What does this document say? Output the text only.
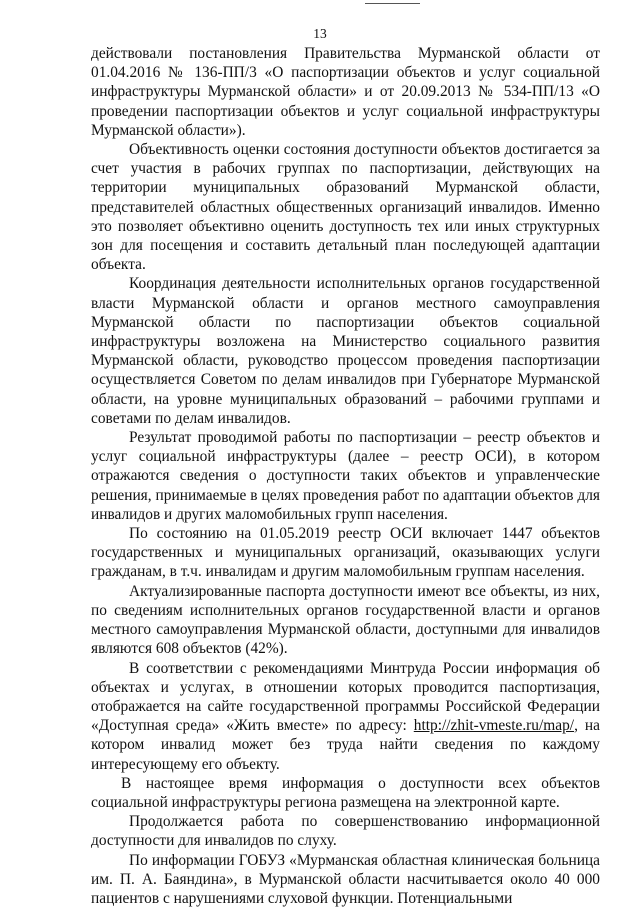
13

действовали постановления Правительства Мурманской области от 01.04.2016 № 136-ПП/3 «О паспортизации объектов и услуг социальной инфраструктуры Мурманской области» и от 20.09.2013 № 534-ПП/13 «О проведении паспортизации объектов и услуг социальной инфраструктуры Мурманской области»).

Объективность оценки состояния доступности объектов достигается за счет участия в рабочих группах по паспортизации, действующих на территории муниципальных образований Мурманской области, представителей областных общественных организаций инвалидов. Именно это позволяет объективно оценить доступность тех или иных структурных зон для посещения и составить детальный план последующей адаптации объекта.

Координация деятельности исполнительных органов государственной власти Мурманской области и органов местного самоуправления Мурманской области по паспортизации объектов социальной инфраструктуры возложена на Министерство социального развития Мурманской области, руководство процессом проведения паспортизации осуществляется Советом по делам инвалидов при Губернаторе Мурманской области, на уровне муниципальных образований – рабочими группами и советами по делам инвалидов.

Результат проводимой работы по паспортизации – реестр объектов и услуг социальной инфраструктуры (далее – реестр ОСИ), в котором отражаются сведения о доступности таких объектов и управленческие решения, принимаемые в целях проведения работ по адаптации объектов для инвалидов и других маломобильных групп населения.

По состоянию на 01.05.2019 реестр ОСИ включает 1447 объектов государственных и муниципальных организаций, оказывающих услуги гражданам, в т.ч. инвалидам и другим маломобильным группам населения.

Актуализированные паспорта доступности имеют все объекты, из них, по сведениям исполнительных органов государственной власти и органов местного самоуправления Мурманской области, доступными для инвалидов являются 608 объектов (42%).

В соответствии с рекомендациями Минтруда России информация об объектах и услугах, в отношении которых проводится паспортизация, отображается на сайте государственной программы Российской Федерации «Доступная среда» «Жить вместе» по адресу: http://zhit-vmeste.ru/map/, на котором инвалид может без труда найти сведения по каждому интересующему его объекту.

В настоящее время информация о доступности всех объектов социальной инфраструктуры региона размещена на электронной карте.

Продолжается работа по совершенствованию информационной доступности для инвалидов по слуху.

По информации ГОБУЗ «Мурманская областная клиническая больница им. П. А. Баяндина», в Мурманской области насчитывается около 40 000 пациентов с нарушениями слуховой функции. Потенциальными
